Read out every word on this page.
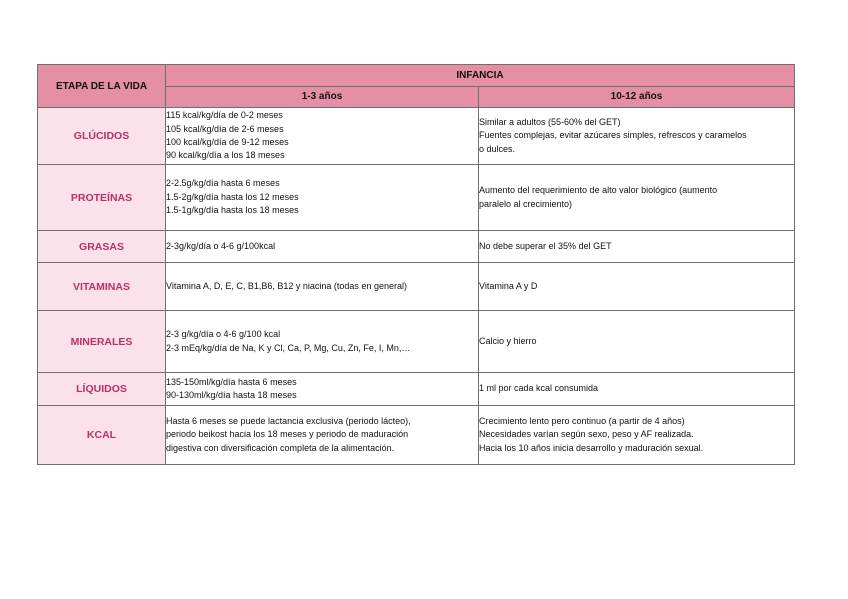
ETAPA DE LA VIDA	INFANCIA	
	1-3 años	10-12 años
GLÚCIDOS	115 kcal/kg/día de 0-2 meses
105 kcal/kg/día de 2-6 meses
100 kcal/kg/día de 9-12 meses
90 kcal/kg/día a los 18 meses	Similar a adultos (55-60% del GET)
Fuentes complejas, evitar azúcares simples, refrescos y caramelos
o dulces.

PROTEÍNAS	2-2.5g/kg/día hasta 6 meses
1.5-2g/kg/día hasta los 12 meses
1.5-1g/kg/día hasta los 18 meses	Aumento del requerimiento de alto valor biológico (aumento
paralelo al crecimiento)

GRASAS	2-3g/kg/día o 4-6 g/100kcal	No debe superar el 35% del GET

VITAMINAS	Vitamina A, D, E, C, B1,B6, B12 y niacina (todas en general)	Vitamina A y D

MINERALES	2-3 g/kg/día o 4-6 g/100 kcal
2-3 mEq/kg/día de Na, K y Cl, Ca, P, Mg, Cu, Zn, Fe, I, Mn,…	Calcio y hierro

LÍQUIDOS	135-150ml/kg/día hasta 6 meses
90-130ml/kg/día hasta 18 meses	1 ml por cada kcal consumida

KCAL	Hasta 6 meses se puede lactancia exclusiva (periodo lácteo),
periodo beikost hacia los 18 meses y periodo de maduración
digestiva con diversificación completa de la alimentación.	Crecimiento lento pero continuo (a partir de 4 años)
Necesidades varían según sexo, peso y AF realizada.
Hacia los 10 años inicia desarrollo y maduración sexual.
